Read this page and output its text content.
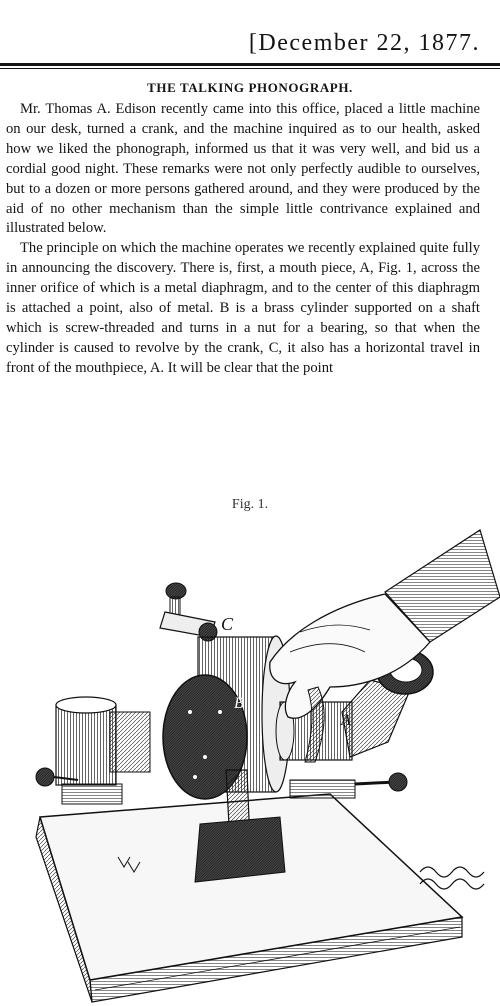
[December 22, 1877.
THE TALKING PHONOGRAPH.

Mr. Thomas A. Edison recently came into this office, placed a little machine on our desk, turned a crank, and the machine inquired as to our health, asked how we liked the phonograph, informed us that it was very well, and bid us a cordial good night. These remarks were not only perfectly audible to ourselves, but to a dozen or more persons gathered around, and they were produced by the aid of no other mechanism than the simple little contrivance explained and illustrated below.

The principle on which the machine operates we recently explained quite fully in announcing the discovery. There is, first, a mouth piece, A, Fig. 1, across the inner orifice of which is a metal diaphragm, and to the center of this diaphragm is attached a point, also of metal. B is a brass cylinder supported on a shaft which is screw-threaded and turns in a nut for a bearing, so that when the cylinder is caused to revolve by the crank, C, it also has a horizontal travel in front of the mouthpiece, A. It will be clear that the point

Fig. 1.
C
B
A
